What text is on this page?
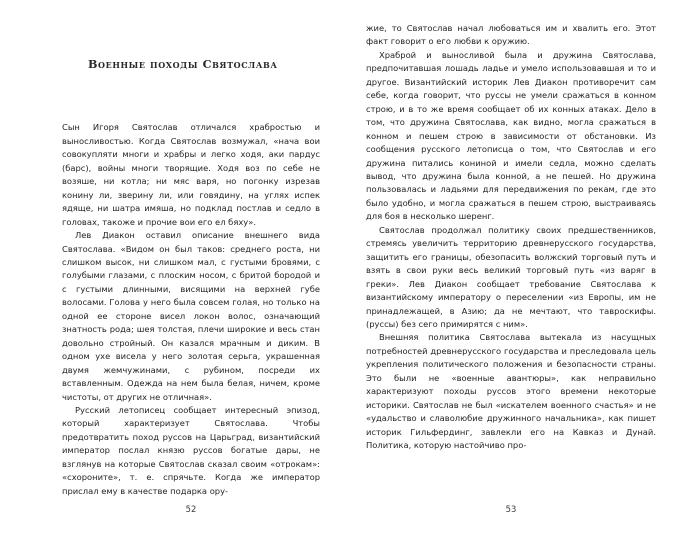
Военные походы Святослава

Сын Игоря Святослав отличался храбростью и выносливостью. Когда Святослав возмужал, «нача вои совокупляти многи и храбры и легко ходя, аки пардус (барс), войны многи творящие. Ходя воз по себе не возяше, ни котла; ни мяс варя, но погонку изрезав конину ли, зверину ли, или говядину, на углях испек ядяще, ни шатра имяша, но подклад постлав и седло в головах, такоже и прочие вои его ел бяху».

Лев Диакон оставил описание внешнего вида Святослава. «Видом он был таков: среднего роста, ни слишком высок, ни слишком мал, с густыми бровями, с голубыми глазами, с плоским носом, с бритой бородой и с густыми длинными, висящими на верхней губе волосами. Голова у него была совсем голая, но только на одной ее стороне висел локон волос, означающий знатность рода; шея толстая, плечи широкие и весь стан довольно стройный. Он казался мрачным и диким. В одном ухе висела у него золотая серьга, украшенная двумя жемчужинами, с рубином, посреди их вставленным. Одежда на нем была белая, ничем, кроме чистоты, от других не отличная».

Русский летописец сообщает интересный эпизод, который характеризует Святослава. Чтобы предотвратить поход руссов на Царьград, византийский император послал князю руссов богатые дары, не взглянув на которые Святослав сказал своим «отрокам»: «схороните», т. е. спрячьте. Когда же император прислал ему в качестве подарка ору-

52

жие, то Святослав начал любоваться им и хвалить его. Этот факт говорит о его любви к оружию.

Храброй и выносливой была и дружина Святослава, предпочитавшая лошадь ладье и умело использовавшая и то и другое. Византийский историк Лев Диакон противоречит сам себе, когда говорит, что руссы не умели сражаться в конном строю, и в то же время сообщает об их конных атаках. Дело в том, что дружина Святослава, как видно, могла сражаться в конном и пешем строю в зависимости от обстановки. Из сообщения русского летописца о том, что Святослав и его дружина питались кониной и имели седла, можно сделать вывод, что дружина была конной, а не пешей. Но дружина пользовалась и ладьями для передвижения по рекам, где это было удобно, и могла сражаться в пешем строю, выстраиваясь для боя в несколько шеренг.

Святослав продолжал политику своих предшественников, стремясь увеличить территорию древнерусского государства, защитить его границы, обезопасить волжский торговый путь и взять в свои руки весь великий торговый путь «из варяг в греки». Лев Диакон сообщает требование Святослава к византийскому императору о переселении «из Европы, им не принадлежащей, в Азию; да не мечтают, что тавроскифы. (руссы) без сего примирятся с ним».

Внешняя политика Святослава вытекала из насущных потребностей древнерусского государства и преследовала цель укрепления политического положения и безопасности страны. Это были не «военные авантюры», как неправильно характеризуют походы руссов этого времени некоторые историки. Святослав не был «искателем военного счастья» и не «удальство и славолюбие дружинного начальника», как пишет историк Гильфердинг, завлекли его на Кавказ и Дунай. Политика, которую настойчиво про-

53
